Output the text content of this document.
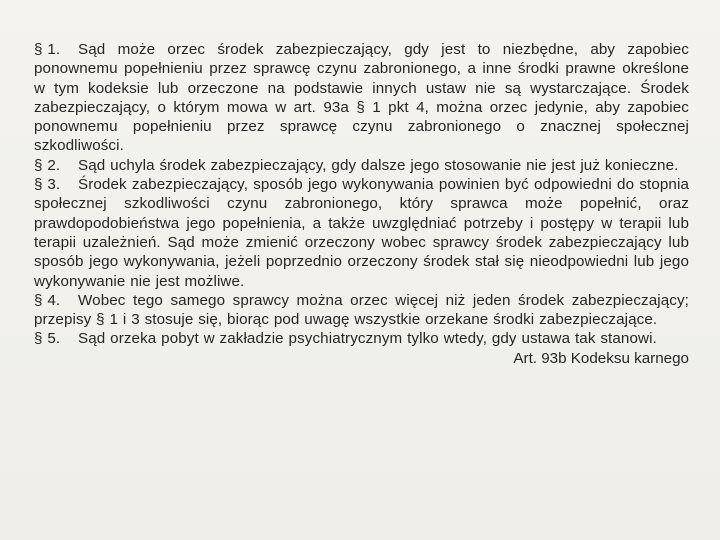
§ 1. Sąd może orzec środek zabezpieczający, gdy jest to niezbędne, aby zapobiec ponownemu popełnieniu przez sprawcę czynu zabronionego, a inne środki prawne określone w tym kodeksie lub orzeczone na podstawie innych ustaw nie są wystarczające. Środek zabezpieczający, o którym mowa w art. 93a § 1 pkt 4, można orzec jedynie, aby zapobiec ponownemu popełnieniu przez sprawcę czynu zabronionego o znacznej społecznej szkodliwości.

§ 2. Sąd uchyla środek zabezpieczający, gdy dalsze jego stosowanie nie jest już konieczne.

§ 3. Środek zabezpieczający, sposób jego wykonywania powinien być odpowiedni do stopnia społecznej szkodliwości czynu zabronionego, który sprawca może popełnić, oraz prawdopodobieństwa jego popełnienia, a także uwzględniać potrzeby i postępy w terapii lub terapii uzależnień. Sąd może zmienić orzeczony wobec sprawcy środek zabezpieczający lub sposób jego wykonywania, jeżeli poprzednio orzeczony środek stał się nieodpowiedni lub jego wykonywanie nie jest możliwe.

§ 4. Wobec tego samego sprawcy można orzec więcej niż jeden środek zabezpieczający; przepisy § 1 i 3 stosuje się, biorąc pod uwagę wszystkie orzekane środki zabezpieczające.

§ 5. Sąd orzeka pobyt w zakładzie psychiatrycznym tylko wtedy, gdy ustawa tak stanowi.

Art. 93b Kodeksu karnego
